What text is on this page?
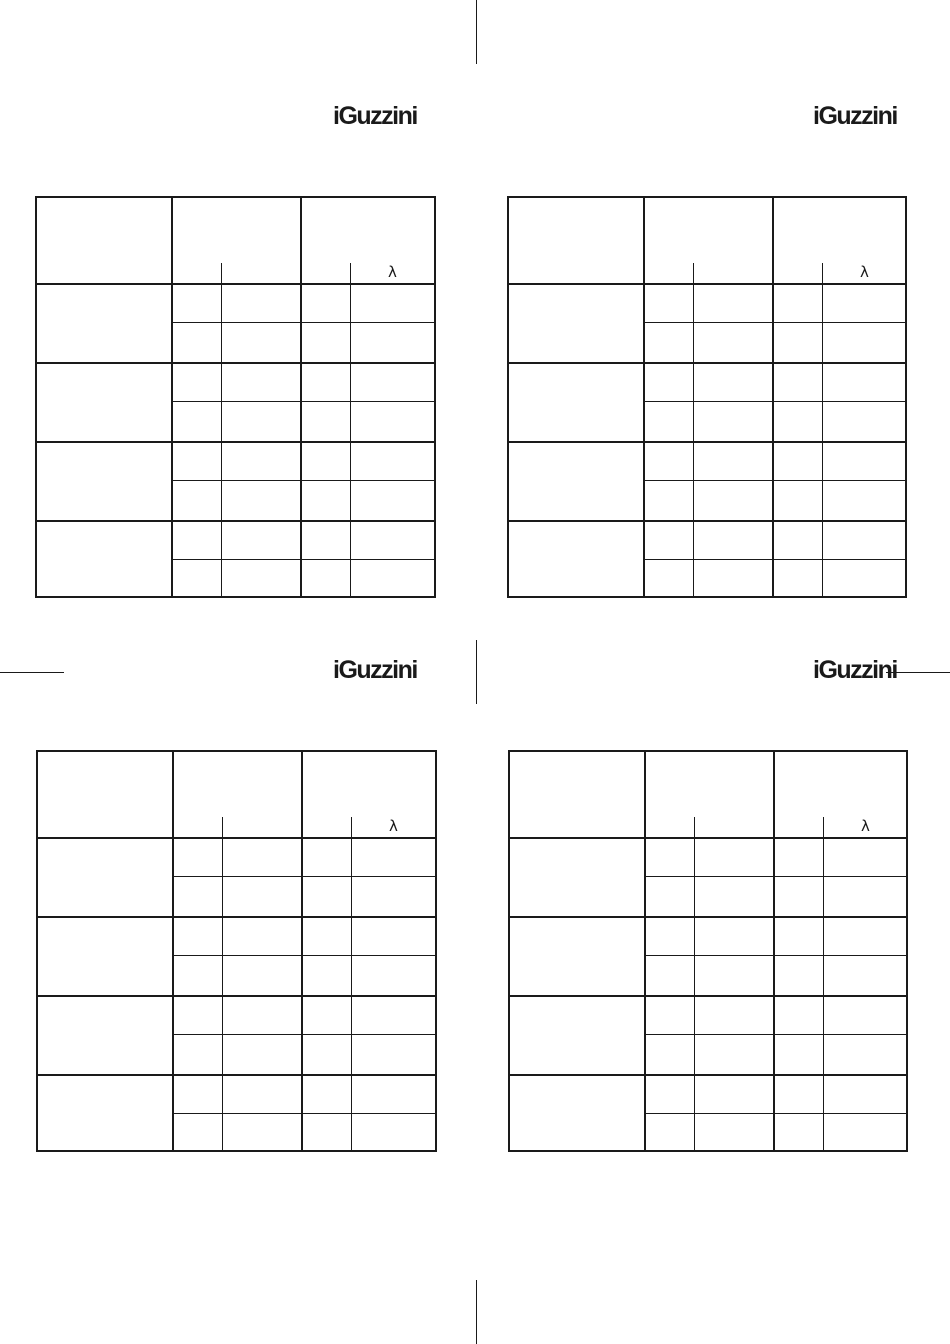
iGuzzini
λ
iGuzzini
λ
iGuzzini
λ
iGuzzini
λ
